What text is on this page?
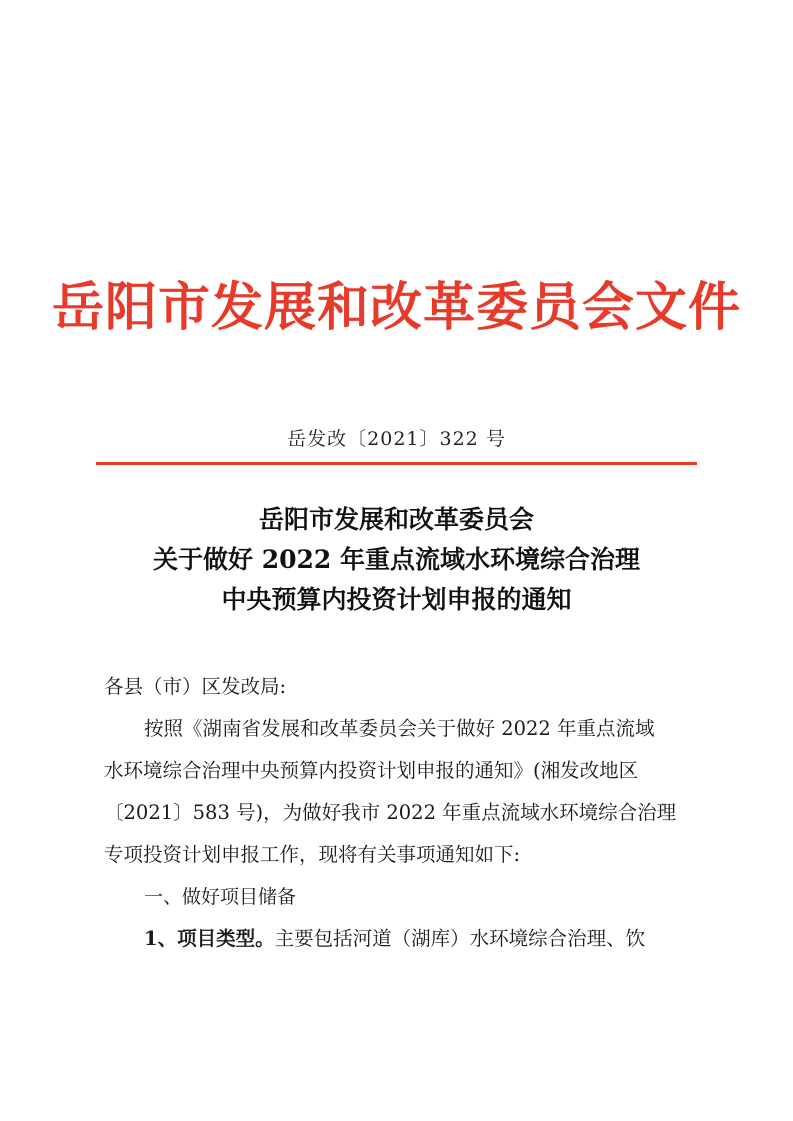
岳阳市发展和改革委员会文件
岳发改〔2021〕322 号
岳阳市发展和改革委员会
关于做好 2022 年重点流域水环境综合治理
中央预算内投资计划申报的通知

各县（市）区发改局:

按照《湖南省发展和改革委员会关于做好 2022 年重点流域

水环境综合治理中央预算内投资计划申报的通知》(湘发改地区

〔2021〕583 号)，为做好我市 2022 年重点流域水环境综合治理

专项投资计划申报工作，现将有关事项通知如下:

一、做好项目储备

1、项目类型。主要包括河道（湖库）水环境综合治理、饮
